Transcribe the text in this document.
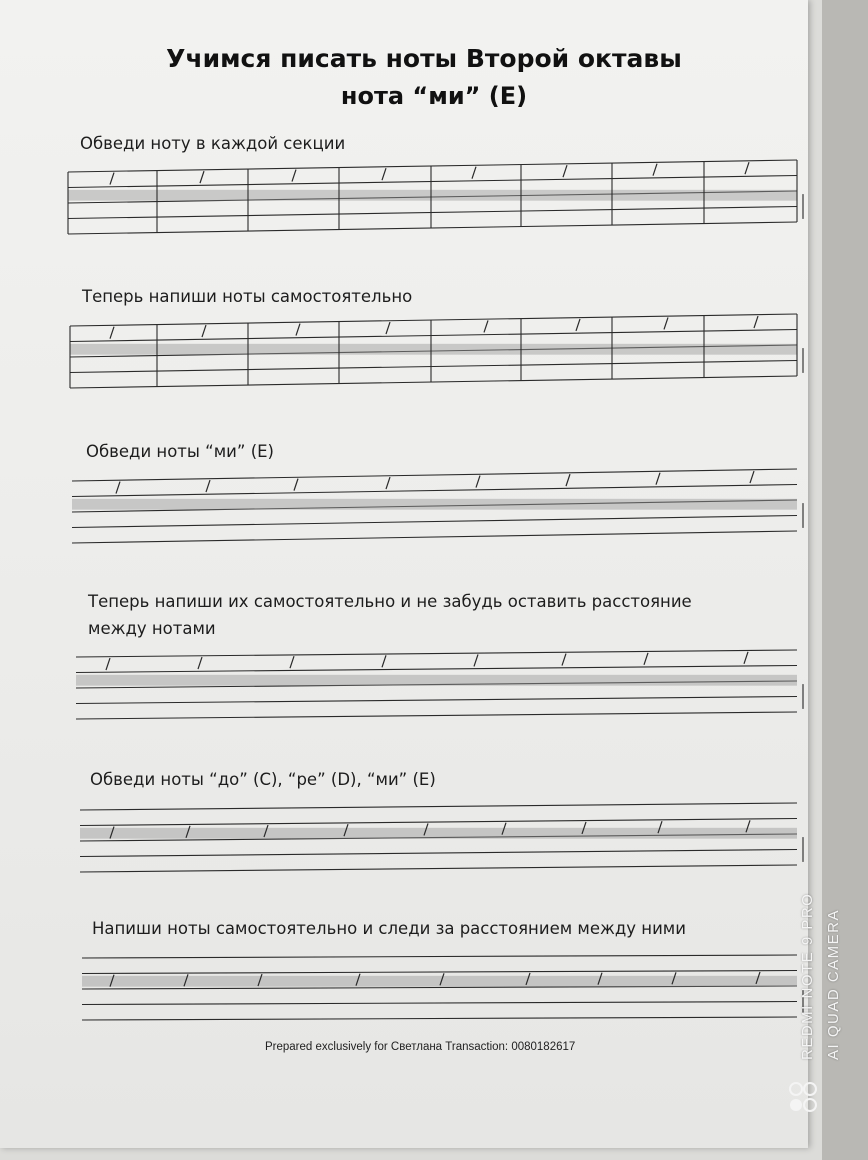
Учимся писать ноты Второй октавы
нота “ми” (Е)
Обведи ноту в каждой секции
Теперь напиши ноты самостоятельно
Обведи ноты “ми” (Е)
Теперь напиши их самостоятельно и не забудь оставить расстояние
между нотами
Обведи ноты “до” (С), “ре” (D), “ми” (Е)
Напиши ноты самостоятельно и следи за расстоянием между ними
Prepared exclusively for Светлана Transaction: 0080182617	REDMI NOTE 9 PRO AI QUAD CAMERA
